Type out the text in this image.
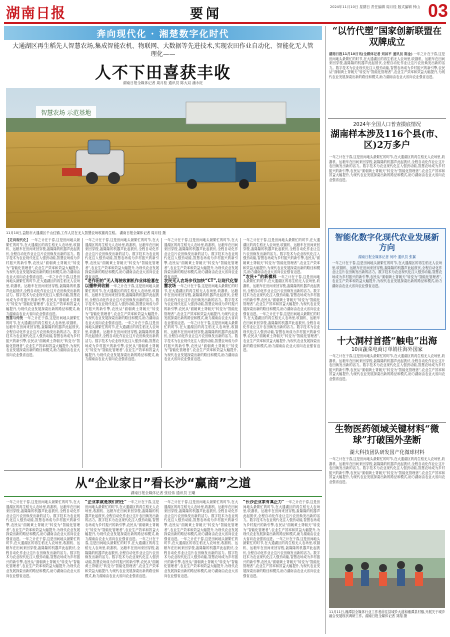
湖南日报	要闻	2024年11月10日 星期日 责任编辑 周月桂 版式编辑 钟山 03
奔向现代化 · 湘楚数字化时代
大通湖区再生稻先人智慧农场,集成智能农机、物联网、大数据等先进技术,实现农田作业自动化、智能化无人管理化——
人不下田喜获丰收
湖南日报全媒体记者 周月桂 通讯员 陈大双 潘永旺
智慧农场 示范基地
11月10日,益阳市大通湖区千山红镇,工作人员在无人智慧农场收割再生稻。 湖南日报全媒体记者 周月桂 摄
【走向现代化】 一年之计在于春,这是田间地头最繁忙的时节,在大通湖区的再生稻无人农场里,收割机、运粮车在田间来回穿梭,轰隆隆的机器声此起彼伏,全程自动化作业让这片农田焕发出新的活力。数字技术为农业现代化注入强劲动能,智慧农场成为乡村振兴的新引擎,农民从“面朝黄土背朝天”转变为“智能化管理者”,农业生产效率和效益大幅提升,为现代农业发展探索出新的路径和模式,助力湖南由农业大省向农业强省迈进。一年之计在于春,这是田间地头最繁忙的时节,在大通湖区的再生稻无人农场里,收割机、运粮车在田间来回穿梭,轰隆隆的机器声此起彼伏,全程自动化作业让这片农田焕发出新的活力。数字技术为农业现代化注入强劲动能,智慧农场成为乡村振兴的新引擎,农民从“面朝黄土背朝天”转变为“智能化管理者”,农业生产效率和效益大幅提升,为现代农业发展探索出新的路径和模式,助力湖南由农业大省向农业强省迈进。
智慧与传统 一年之计在于春,这是田间地头最繁忙的时节,在大通湖区的再生稻无人农场里,收割机、运粮车在田间来回穿梭,轰隆隆的机器声此起彼伏,全程自动化作业让这片农田焕发出新的活力。数字技术为农业现代化注入强劲动能,智慧农场成为乡村振兴的新引擎,农民从“面朝黄土背朝天”转变为“智能化管理者”,农业生产效率和效益大幅提升,为现代农业发展探索出新的路径和模式,助力湖南由农业大省向农业强省迈进。
一年之计在于春,这是田间地头最繁忙的时节,在大通湖区的再生稻无人农场里,收割机、运粮车在田间来回穿梭,轰隆隆的机器声此起彼伏,全程自动化作业让这片农田焕发出新的活力。数字技术为农业现代化注入强劲动能,智慧农场成为乡村振兴的新引擎,农民从“面朝黄土背朝天”转变为“智能化管理者”,农业生产效率和效益大幅提升,为现代农业发展探索出新的路径和模式,助力湖南由农业大省向农业强省迈进。
“老作田的”无人驾驶收割机作业体验喜在以播种到收割 一年之计在于春,这是田间地头最繁忙的时节,在大通湖区的再生稻无人农场里,收割机、运粮车在田间来回穿梭,轰隆隆的机器声此起彼伏,全程自动化作业让这片农田焕发出新的活力。数字技术为农业现代化注入强劲动能,智慧农场成为乡村振兴的新引擎,农民从“面朝黄土背朝天”转变为“智能化管理者”,农业生产效率和效益大幅提升,为现代农业发展探索出新的路径和模式,助力湖南由农业大省向农业强省迈进。一年之计在于春,这是田间地头最繁忙的时节,在大通湖区的再生稻无人农场里,收割机、运粮车在田间来回穿梭,轰隆隆的机器声此起彼伏,全程自动化作业让这片农田焕发出新的活力。数字技术为农业现代化注入强劲动能,智慧农场成为乡村振兴的新引擎,农民从“面朝黄土背朝天”转变为“智能化管理者”,农业生产效率和效益大幅提升,为现代农业发展探索出新的路径和模式,助力湖南由农业大省向农业强省迈进。
一年之计在于春,这是田间地头最繁忙的时节,在大通湖区的再生稻无人农场里,收割机、运粮车在田间来回穿梭,轰隆隆的机器声此起彼伏,全程自动化作业让这片农田焕发出新的活力。数字技术为农业现代化注入强劲动能,智慧农场成为乡村振兴的新引擎,农民从“面朝黄土背朝天”转变为“智能化管理者”,农业生产效率和效益大幅提升,为现代农业发展探索出新的路径和模式,助力湖南由农业大省向农业强省迈进。
农民无人农场步伐加快“CT”,让现代化智慧农场 一年之计在于春,这是田间地头最繁忙的时节,在大通湖区的再生稻无人农场里,收割机、运粮车在田间来回穿梭,轰隆隆的机器声此起彼伏,全程自动化作业让这片农田焕发出新的活力。数字技术为农业现代化注入强劲动能,智慧农场成为乡村振兴的新引擎,农民从“面朝黄土背朝天”转变为“智能化管理者”,农业生产效率和效益大幅提升,为现代农业发展探索出新的路径和模式,助力湖南由农业大省向农业强省迈进。一年之计在于春,这是田间地头最繁忙的时节,在大通湖区的再生稻无人农场里,收割机、运粮车在田间来回穿梭,轰隆隆的机器声此起彼伏,全程自动化作业让这片农田焕发出新的活力。数字技术为农业现代化注入强劲动能,智慧农场成为乡村振兴的新引擎,农民从“面朝黄土背朝天”转变为“智能化管理者”,农业生产效率和效益大幅提升,为现代农业发展探索出新的路径和模式,助力湖南由农业大省向农业强省迈进。
一年之计在于春,这是田间地头最繁忙的时节,在大通湖区的再生稻无人农场里,收割机、运粮车在田间来回穿梭,轰隆隆的机器声此起彼伏,全程自动化作业让这片农田焕发出新的活力。数字技术为农业现代化注入强劲动能,智慧农场成为乡村振兴的新引擎,农民从“面朝黄土背朝天”转变为“智能化管理者”,农业生产效率和效益大幅提升,为现代农业发展探索出新的路径和模式,助力湖南由农业大省向农业强省迈进。
“农民+”的新模样 一年之计在于春,这是田间地头最繁忙的时节,在大通湖区的再生稻无人农场里,收割机、运粮车在田间来回穿梭,轰隆隆的机器声此起彼伏,全程自动化作业让这片农田焕发出新的活力。数字技术为农业现代化注入强劲动能,智慧农场成为乡村振兴的新引擎,农民从“面朝黄土背朝天”转变为“智能化管理者”,农业生产效率和效益大幅提升,为现代农业发展探索出新的路径和模式,助力湖南由农业大省向农业强省迈进。一年之计在于春,这是田间地头最繁忙的时节,在大通湖区的再生稻无人农场里,收割机、运粮车在田间来回穿梭,轰隆隆的机器声此起彼伏,全程自动化作业让这片农田焕发出新的活力。数字技术为农业现代化注入强劲动能,智慧农场成为乡村振兴的新引擎,农民从“面朝黄土背朝天”转变为“智能化管理者”,农业生产效率和效益大幅提升,为现代农业发展探索出新的路径和模式,助力湖南由农业大省向农业强省迈进。
从“企业家日”看长沙“赢商”之道
湖南日报全媒体记者 张佳伟 通讯员 王曦
一年之计在于春,这是田间地头最繁忙的时节,在大通湖区的再生稻无人农场里,收割机、运粮车在田间来回穿梭,轰隆隆的机器声此起彼伏,全程自动化作业让这片农田焕发出新的活力。数字技术为农业现代化注入强劲动能,智慧农场成为乡村振兴的新引擎,农民从“面朝黄土背朝天”转变为“智能化管理者”,农业生产效率和效益大幅提升,为现代农业发展探索出新的路径和模式,助力湖南由农业大省向农业强省迈进。一年之计在于春,这是田间地头最繁忙的时节,在大通湖区的再生稻无人农场里,收割机、运粮车在田间来回穿梭,轰隆隆的机器声此起彼伏,全程自动化作业让这片农田焕发出新的活力。数字技术为农业现代化注入强劲动能,智慧农场成为乡村振兴的新引擎,农民从“面朝黄土背朝天”转变为“智能化管理者”,农业生产效率和效益大幅提升,为现代农业发展探索出新的路径和模式,助力湖南由农业大省向农业强省迈进。
“企业家就是我们的任” 一年之计在于春,这是田间地头最繁忙的时节,在大通湖区的再生稻无人农场里,收割机、运粮车在田间来回穿梭,轰隆隆的机器声此起彼伏,全程自动化作业让这片农田焕发出新的活力。数字技术为农业现代化注入强劲动能,智慧农场成为乡村振兴的新引擎,农民从“面朝黄土背朝天”转变为“智能化管理者”,农业生产效率和效益大幅提升,为现代农业发展探索出新的路径和模式,助力湖南由农业大省向农业强省迈进。一年之计在于春,这是田间地头最繁忙的时节,在大通湖区的再生稻无人农场里,收割机、运粮车在田间来回穿梭,轰隆隆的机器声此起彼伏,全程自动化作业让这片农田焕发出新的活力。数字技术为农业现代化注入强劲动能,智慧农场成为乡村振兴的新引擎,农民从“面朝黄土背朝天”转变为“智能化管理者”,农业生产效率和效益大幅提升,为现代农业发展探索出新的路径和模式,助力湖南由农业大省向农业强省迈进。
一年之计在于春,这是田间地头最繁忙的时节,在大通湖区的再生稻无人农场里,收割机、运粮车在田间来回穿梭,轰隆隆的机器声此起彼伏,全程自动化作业让这片农田焕发出新的活力。数字技术为农业现代化注入强劲动能,智慧农场成为乡村振兴的新引擎,农民从“面朝黄土背朝天”转变为“智能化管理者”,农业生产效率和效益大幅提升,为现代农业发展探索出新的路径和模式,助力湖南由农业大省向农业强省迈进。一年之计在于春,这是田间地头最繁忙的时节,在大通湖区的再生稻无人农场里,收割机、运粮车在田间来回穿梭,轰隆隆的机器声此起彼伏,全程自动化作业让这片农田焕发出新的活力。数字技术为农业现代化注入强劲动能,智慧农场成为乡村振兴的新引擎,农民从“面朝黄土背朝天”转变为“智能化管理者”,农业生产效率和效益大幅提升,为现代农业发展探索出新的路径和模式,助力湖南由农业大省向农业强省迈进。
“长沙企业家有真正力” 一年之计在于春,这是田间地头最繁忙的时节,在大通湖区的再生稻无人农场里,收割机、运粮车在田间来回穿梭,轰隆隆的机器声此起彼伏,全程自动化作业让这片农田焕发出新的活力。数字技术为农业现代化注入强劲动能,智慧农场成为乡村振兴的新引擎,农民从“面朝黄土背朝天”转变为“智能化管理者”,农业生产效率和效益大幅提升,为现代农业发展探索出新的路径和模式,助力湖南由农业大省向农业强省迈进。一年之计在于春,这是田间地头最繁忙的时节,在大通湖区的再生稻无人农场里,收割机、运粮车在田间来回穿梭,轰隆隆的机器声此起彼伏,全程自动化作业让这片农田焕发出新的活力。数字技术为农业现代化注入强劲动能,智慧农场成为乡村振兴的新引擎,农民从“面朝黄土背朝天”转变为“智能化管理者”,农业生产效率和效益大幅提升,为现代农业发展探索出新的路径和模式,助力湖南由农业大省向农业强省迈进。
“以竹代塑”国家创新联盟在双牌成立
湖南日报11月10日讯(全媒体记者 刘昌平 通讯员 陈金) 一年之计在于春,这是田间地头最繁忙的时节,在大通湖区的再生稻无人农场里,收割机、运粮车在田间来回穿梭,轰隆隆的机器声此起彼伏,全程自动化作业让这片农田焕发出新的活力。数字技术为农业现代化注入强劲动能,智慧农场成为乡村振兴的新引擎,农民从“面朝黄土背朝天”转变为“智能化管理者”,农业生产效率和效益大幅提升,为现代农业发展探索出新的路径和模式,助力湖南由农业大省向农业强省迈进。
2024年全国人口普查摸底情况
湖南样本涉及116个县(市、区)2万多户
一年之计在于春,这是田间地头最繁忙的时节,在大通湖区的再生稻无人农场里,收割机、运粮车在田间来回穿梭,轰隆隆的机器声此起彼伏,全程自动化作业让这片农田焕发出新的活力。数字技术为农业现代化注入强劲动能,智慧农场成为乡村振兴的新引擎,农民从“面朝黄土背朝天”转变为“智能化管理者”,农业生产效率和效益大幅提升,为现代农业发展探索出新的路径和模式,助力湖南由农业大省向农业强省迈进。
智能化数字化现代农业发展新方向
湖南日报全媒体记者 何玲 通讯员 张翼
一年之计在于春,这是田间地头最繁忙的时节,在大通湖区的再生稻无人农场里,收割机、运粮车在田间来回穿梭,轰隆隆的机器声此起彼伏,全程自动化作业让这片农田焕发出新的活力。数字技术为农业现代化注入强劲动能,智慧农场成为乡村振兴的新引擎,农民从“面朝黄土背朝天”转变为“智能化管理者”,农业生产效率和效益大幅提升,为现代农业发展探索出新的路径和模式,助力湖南由农业大省向农业强省迈进。
十大洞村首搭“触电”出海
10亩蔬菜电商订单销往海外国家
一年之计在于春,这是田间地头最繁忙的时节,在大通湖区的再生稻无人农场里,收割机、运粮车在田间来回穿梭,轰隆隆的机器声此起彼伏,全程自动化作业让这片农田焕发出新的活力。数字技术为农业现代化注入强劲动能,智慧农场成为乡村振兴的新引擎,农民从“面朝黄土背朝天”转变为“智能化管理者”,农业生产效率和效益大幅提升,为现代农业发展探索出新的路径和模式,助力湖南由农业大省向农业强省迈进。
生物医药领域关键材料“微球”打破国外垄断
湖大科技团队研发国产化微球材料
一年之计在于春,这是田间地头最繁忙的时节,在大通湖区的再生稻无人农场里,收割机、运粮车在田间来回穿梭,轰隆隆的机器声此起彼伏,全程自动化作业让这片农田焕发出新的活力。数字技术为农业现代化注入强劲动能,智慧农场成为乡村振兴的新引擎,农民从“面朝黄土背朝天”转变为“智能化管理者”,农业生产效率和效益大幅提升,为现代农业发展探索出新的路径和模式,助力湖南由农业大省向农业强省迈进。
11月11日,湘潭县全媒体行业工作者前往县城乡大道和湘潭县村镇,开展关于城乡融合发展现状调研工作。湖南日报全媒体记者 刘翔 摄
